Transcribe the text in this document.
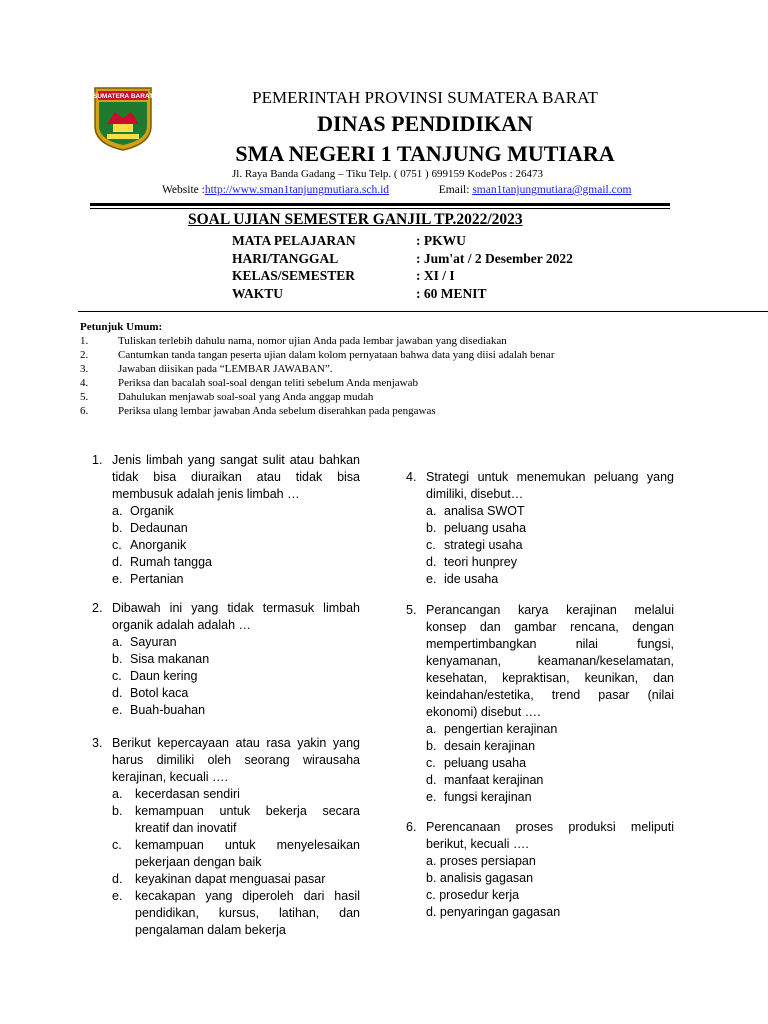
SUMATERA BARAT	PEMERINTAH PROVINSI SUMATERA BARAT
DINAS PENDIDIKAN
SMA NEGERI 1 TANJUNG MUTIARA
Jl. Raya Banda Gadang – Tiku Telp. ( 0751 ) 699159 KodePos : 26473
Website :http://www.sman1tanjungmutiara.sch.id	Email: sman1tanjungmutiara@gmail.com
SOAL UJIAN SEMESTER GANJIL TP.2022/2023
MATA PELAJARAN	: PKWU
HARI/TANGGAL	: Jum'at / 2 Desember 2022
KELAS/SEMESTER	: XI / I
WAKTU	: 60 MENIT
Petunjuk Umum:
1.	Tuliskan terlebih dahulu nama, nomor ujian Anda pada lembar jawaban yang disediakan
2.	Cantumkan tanda tangan peserta ujian dalam kolom pernyataan bahwa data yang diisi adalah benar
3.	Jawaban diisikan pada “LEMBAR JAWABAN”.
4.	Periksa dan bacalah soal-soal dengan teliti sebelum Anda menjawab
5.	Dahulukan menjawab soal-soal yang Anda anggap mudah
6.	Periksa ulang lembar jawaban Anda sebelum diserahkan pada pengawas
1. Jenis limbah yang sangat sulit atau bahkan tidak bisa diuraikan atau tidak bisa membusuk adalah jenis limbah …
a. Organik
b. Dedaunan
c. Anorganik
d. Rumah tangga
e. Pertanian
2. Dibawah ini yang tidak termasuk limbah organik adalah adalah …
a. Sayuran
b. Sisa makanan
c. Daun kering
d. Botol kaca
e. Buah-buahan
3. Berikut kepercayaan atau rasa yakin yang harus dimiliki oleh seorang wirausaha kerajinan, kecuali ….
a. kecerdasan sendiri
b. kemampuan untuk bekerja secara kreatif dan inovatif
c. kemampuan untuk menyelesaikan pekerjaan dengan baik
d. keyakinan dapat menguasai pasar
e. kecakapan yang diperoleh dari hasil pendidikan, kursus, latihan, dan pengalaman dalam bekerja
4. Strategi untuk menemukan peluang yang dimiliki, disebut…
a. analisa SWOT
b. peluang usaha
c. strategi usaha
d. teori hunprey
e. ide usaha
5. Perancangan karya kerajinan melalui konsep dan gambar rencana, dengan mempertimbangkan nilai fungsi, kenyamanan, keamanan/keselamatan, kesehatan, kepraktisan, keunikan, dan keindahan/estetika, trend pasar (nilai ekonomi) disebut ….
a. pengertian kerajinan
b. desain kerajinan
c. peluang usaha
d. manfaat kerajinan
e. fungsi kerajinan
6. Perencanaan proses produksi meliputi berikut, kecuali ….
a. proses persiapan
b. analisis gagasan
c. prosedur kerja
d. penyaringan gagasan
